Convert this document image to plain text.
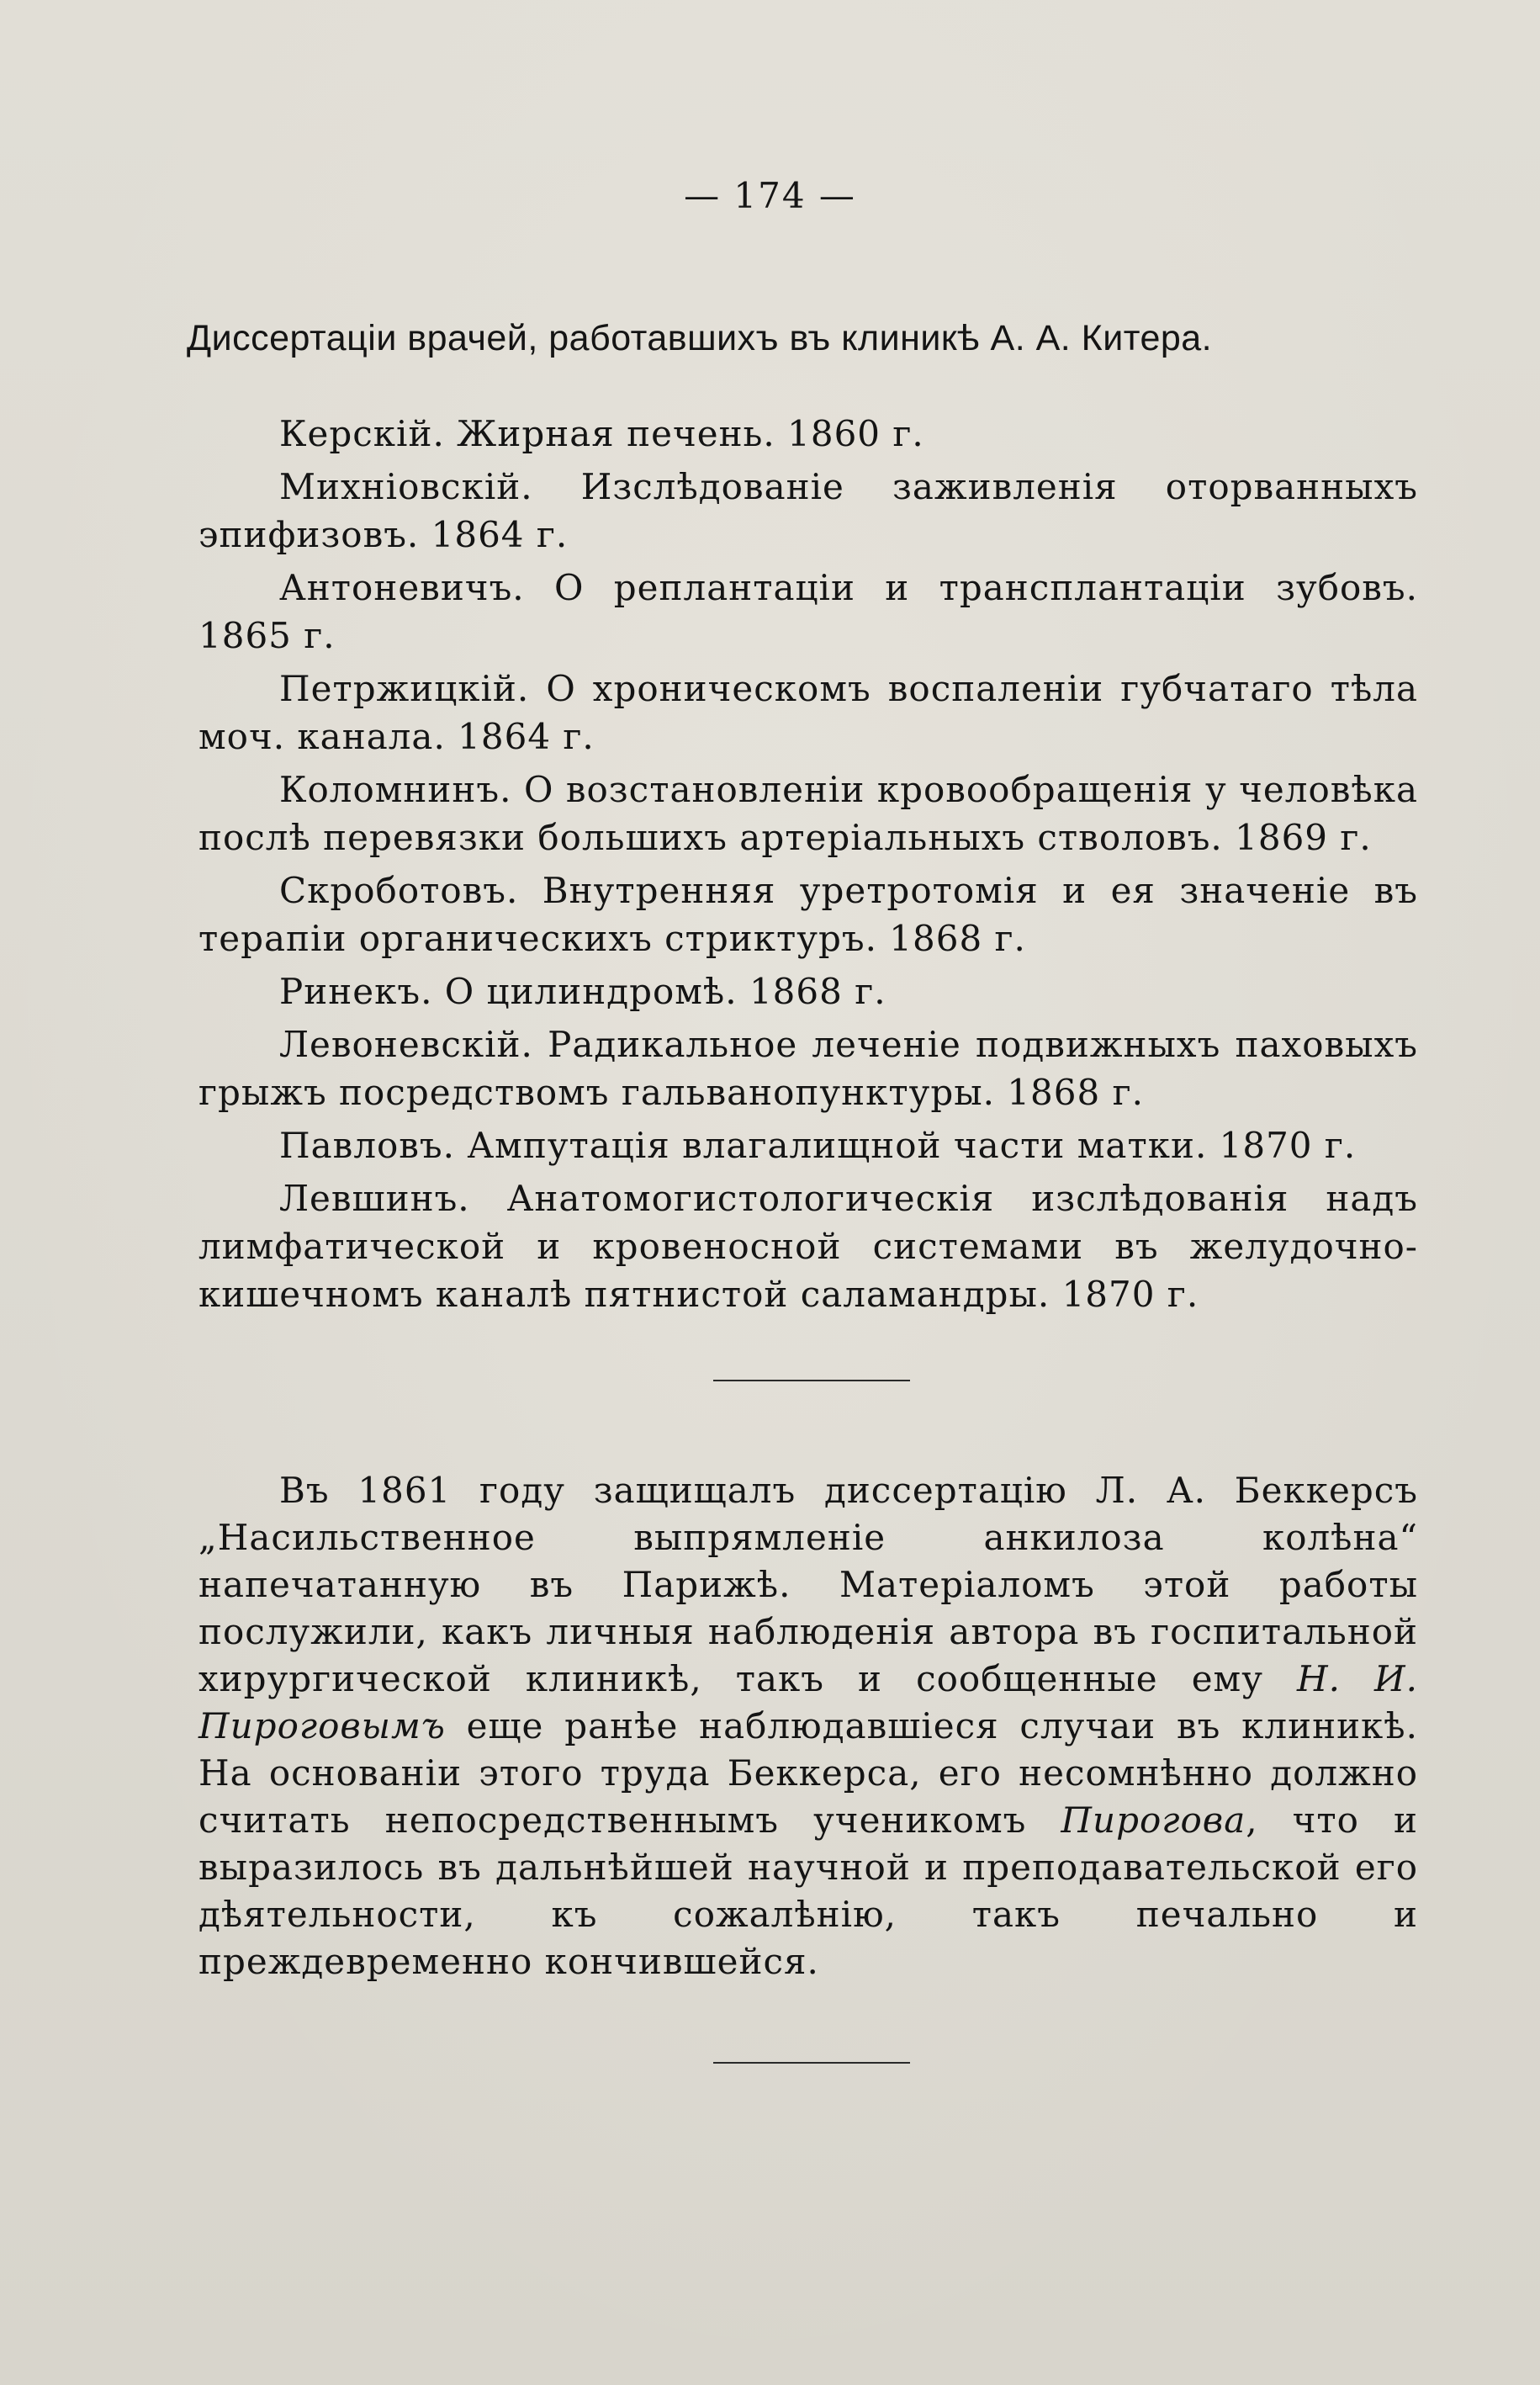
— 174 —
Диссертаціи врачей, работавшихъ въ клиникѣ А. А. Китера.

Керскій. Жирная печень. 1860 г.

Михніовскій. Изслѣдованіе заживленія оторванныхъ эпифизовъ. 1864 г.

Антоневичъ. О реплантаціи и трансплантаціи зубовъ. 1865 г.

Петржицкій. О хроническомъ воспаленіи губчатаго тѣла моч. канала. 1864 г.

Коломнинъ. О возстановленіи кровообращенія у человѣка послѣ перевязки большихъ артеріальныхъ стволовъ. 1869 г.

Скроботовъ. Внутренняя уретротомія и ея значеніе въ терапіи органическихъ стриктуръ. 1868 г.

Ринекъ. О цилиндромѣ. 1868 г.

Левоневскій. Радикальное леченіе подвижныхъ паховыхъ грыжъ посредствомъ гальванопунктуры. 1868 г.

Павловъ. Ампутація влагалищной части матки. 1870 г.

Левшинъ. Анатомогистологическія изслѣдованія надъ лимфатической и кровеносной системами въ желудочно-кишечномъ каналѣ пятнистой саламандры. 1870 г.

Въ 1861 году защищалъ диссертацію Л. А. Беккерсъ „Насильственное выпрямленіе анкилоза колѣна“ напечатанную въ Парижѣ. Матеріаломъ этой работы послужили, какъ личныя наблюденія автора въ госпитальной хирургической клиникѣ, такъ и сообщенные ему Н. И. Пироговымъ еще ранѣе наблюдавшіеся случаи въ клиникѣ. На основаніи этого труда Беккерса, его несомнѣнно должно считать непосредственнымъ ученикомъ Пирогова, что и выразилось въ дальнѣйшей научной и преподавательской его дѣятельности, къ сожалѣнію, такъ печально и преждевременно кончившейся.
